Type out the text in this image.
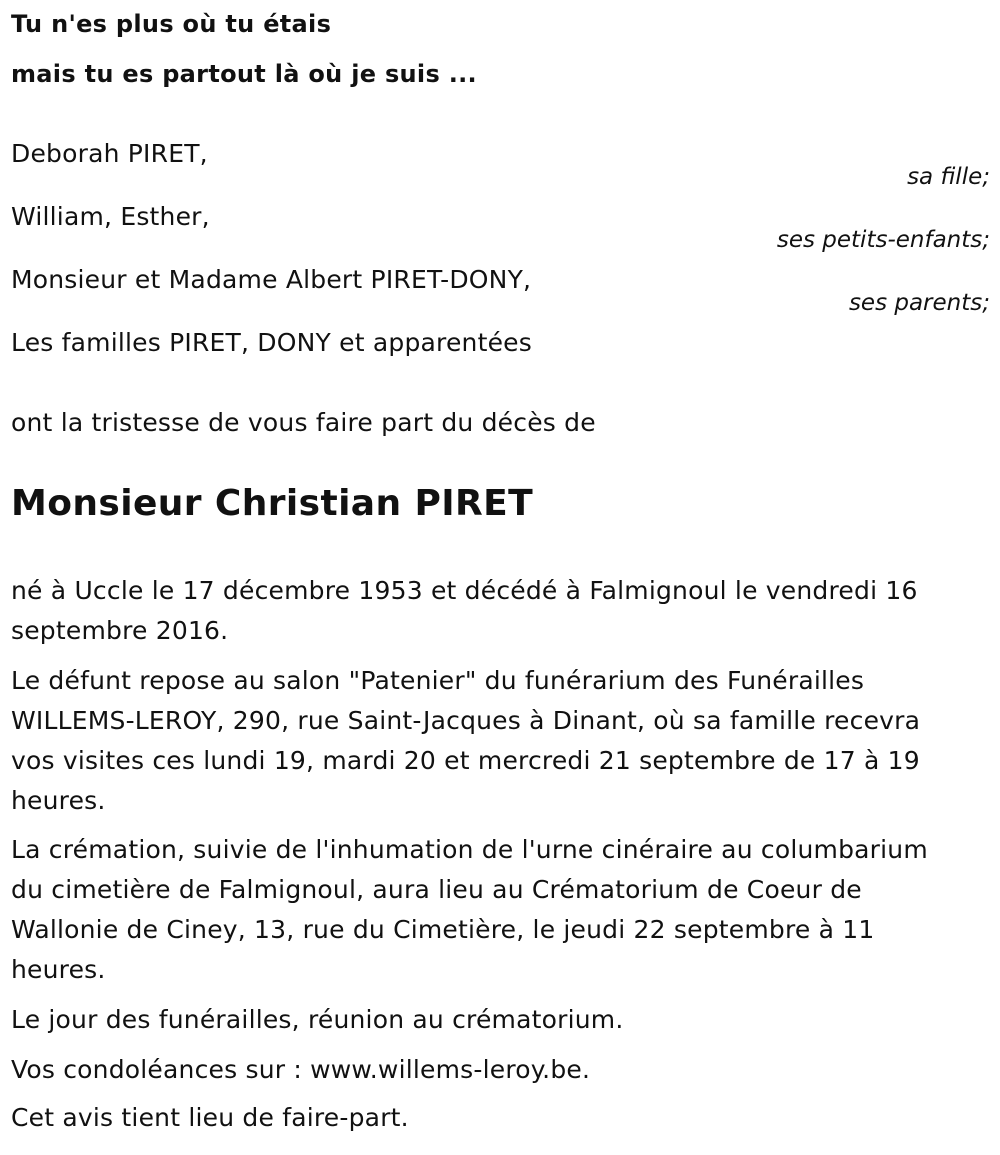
Tu n'es plus où tu étais
mais tu es partout là où je suis ...
Deborah PIRET,
sa fille;
William, Esther,
ses petits-enfants;
Monsieur et Madame Albert PIRET-DONY,
ses parents;
Les familles PIRET, DONY et apparentées
ont la tristesse de vous faire part du décès de
Monsieur Christian PIRET
né à Uccle le 17 décembre 1953 et décédé à Falmignoul le vendredi 16
septembre 2016.
Le défunt repose au salon "Patenier" du funérarium des Funérailles
WILLEMS-LEROY, 290, rue Saint-Jacques à Dinant, où sa famille recevra
vos visites ces lundi 19, mardi 20 et mercredi 21 septembre de 17 à 19
heures.
La crémation, suivie de l'inhumation de l'urne cinéraire au columbarium
du cimetière de Falmignoul, aura lieu au Crématorium de Coeur de
Wallonie de Ciney, 13, rue du Cimetière, le jeudi 22 septembre à 11
heures.
Le jour des funérailles, réunion au crématorium.
Vos condoléances sur : www.willems-leroy.be.
Cet avis tient lieu de faire-part.
